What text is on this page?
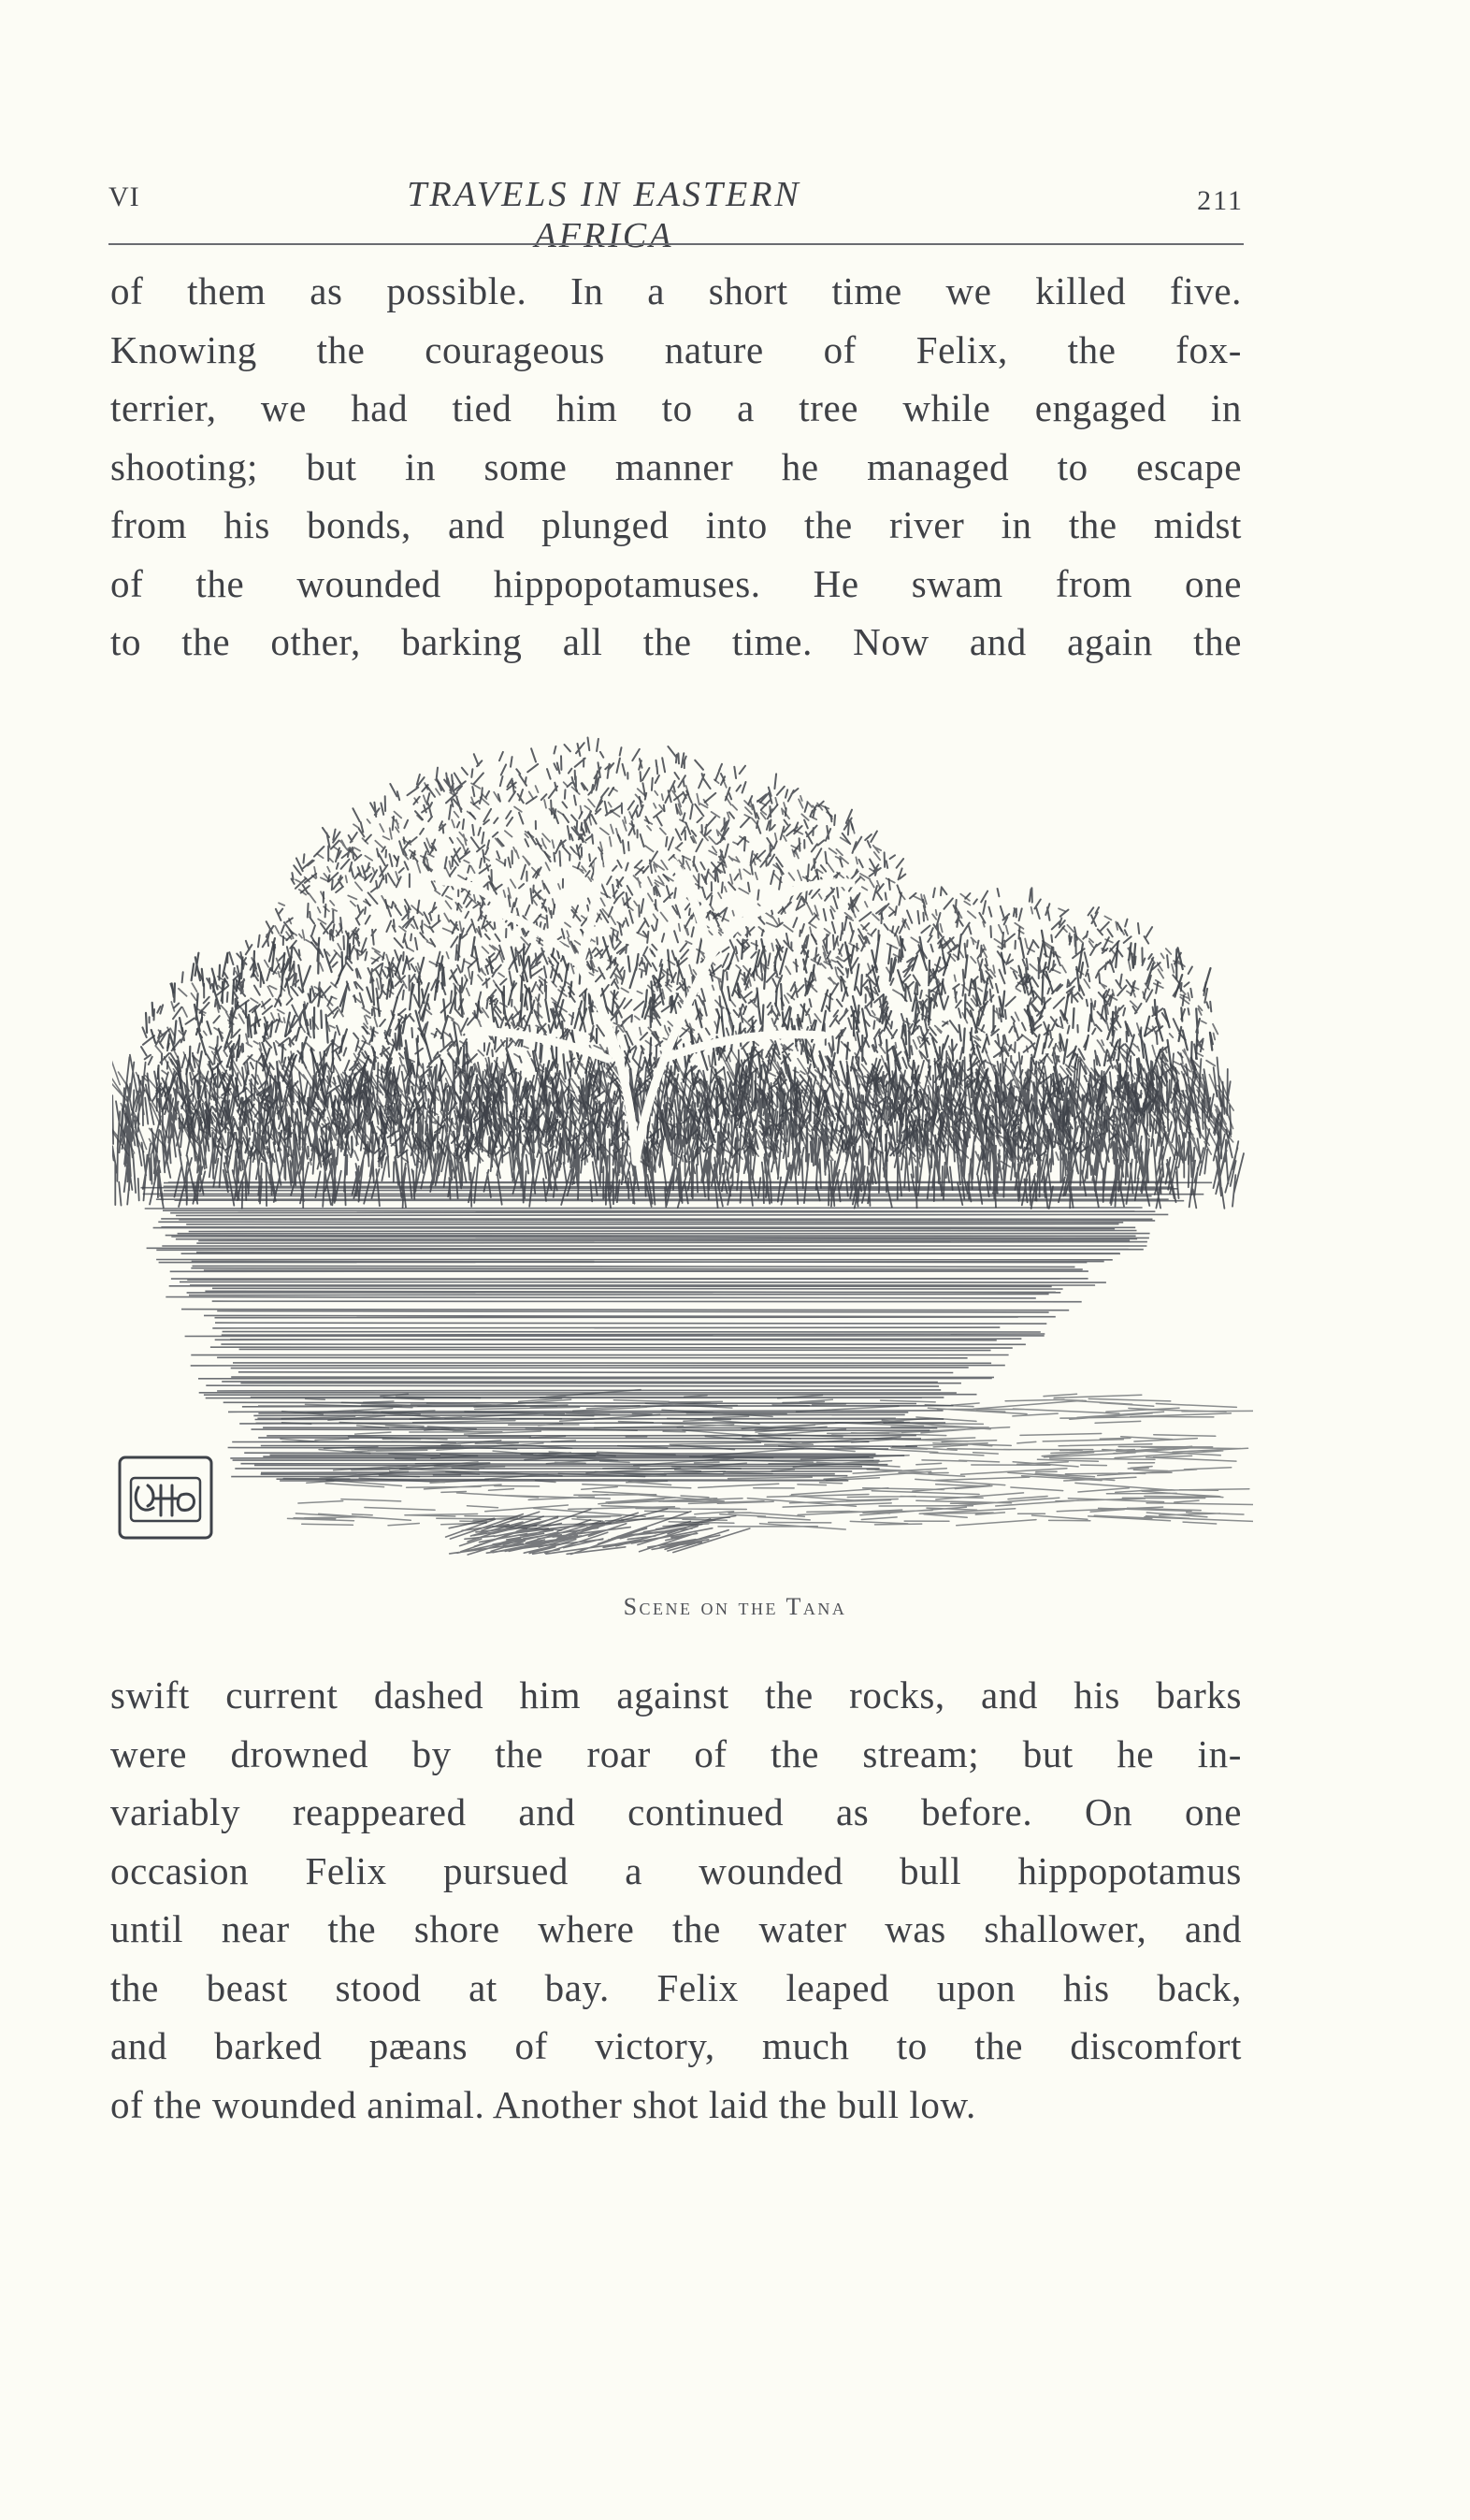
VI	TRAVELS IN EASTERN AFRICA
211
of them as possible. In a short time we killed five.
Knowing the courageous nature of Felix, the fox-
terrier, we had tied him to a tree while engaged in
shooting; but in some manner he managed to escape
from his bonds, and plunged into the river in the midst
of the wounded hippopotamuses. He swam from one
to the other, barking all the time. Now and again the
Scene on the Tana
swift current dashed him against the rocks, and his barks
were drowned by the roar of the stream; but he in-
variably reappeared and continued as before. On one
occasion Felix pursued a wounded bull hippopotamus
until near the shore where the water was shallower, and
the beast stood at bay. Felix leaped upon his back,
and barked pæans of victory, much to the discomfort
of the wounded animal. Another shot laid the bull low.
